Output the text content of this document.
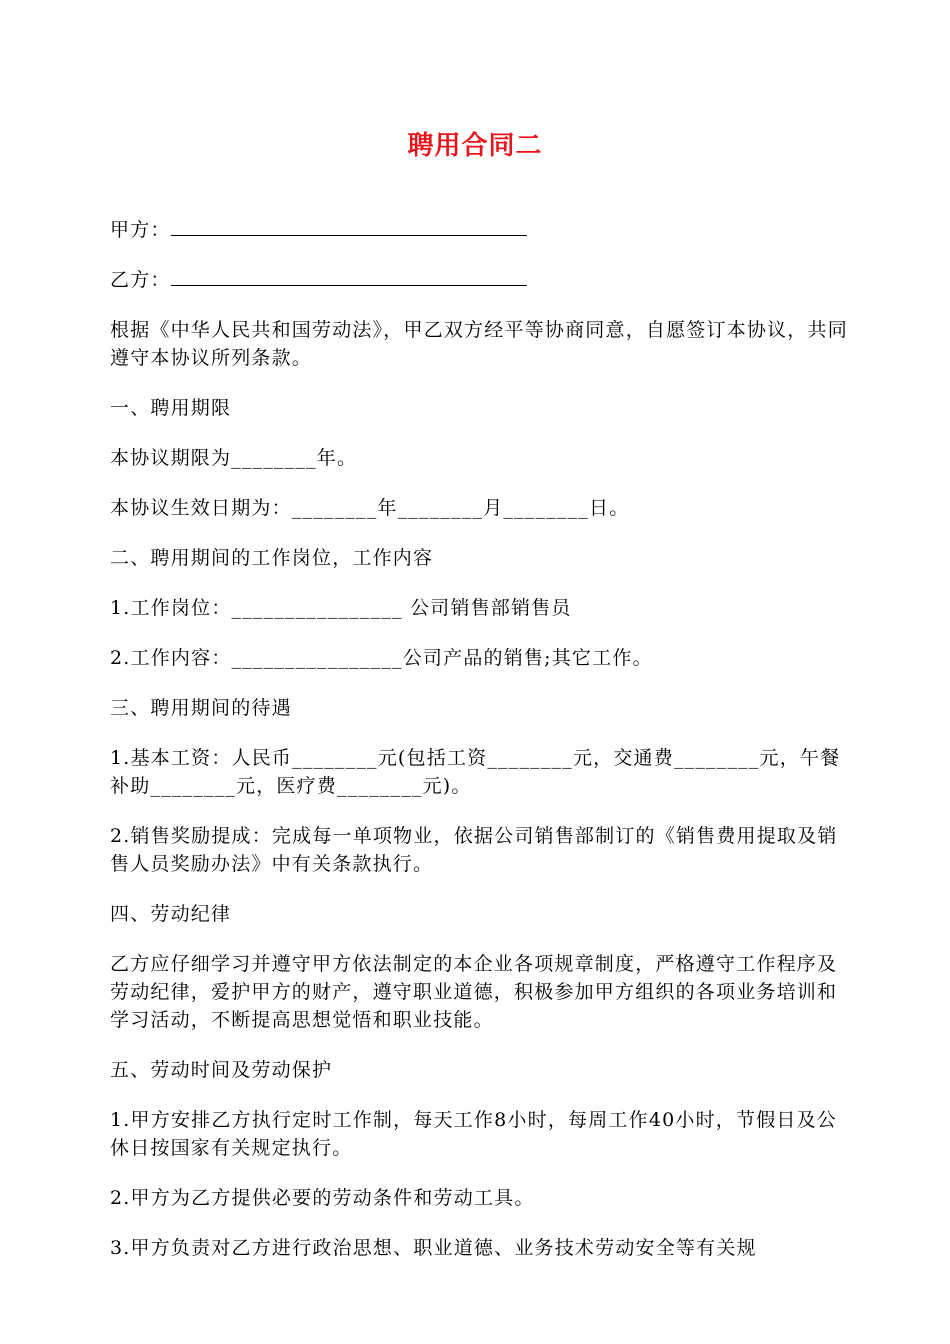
聘用合同二
甲方：
乙方：

根据《中华人民共和国劳动法》，甲乙双方经平等协商同意，自愿签订本协议，共同遵守本协议所列条款。

一、聘用期限

本协议期限为________年。

本协议生效日期为：________年________月________日。

二、聘用期间的工作岗位，工作内容

1.工作岗位：________________ 公司销售部销售员

2.工作内容：________________公司产品的销售;其它工作。

三、聘用期间的待遇

1.基本工资：人民币________元(包括工资________元，交通费________元，午餐补助________元，医疗费________元)。

2.销售奖励提成：完成每一单项物业，依据公司销售部制订的《销售费用提取及销售人员奖励办法》中有关条款执行。

四、劳动纪律

乙方应仔细学习并遵守甲方依法制定的本企业各项规章制度，严格遵守工作程序及劳动纪律，爱护甲方的财产，遵守职业道德，积极参加甲方组织的各项业务培训和学习活动，不断提高思想觉悟和职业技能。

五、劳动时间及劳动保护

1.甲方安排乙方执行定时工作制，每天工作8小时，每周工作40小时，节假日及公休日按国家有关规定执行。

2.甲方为乙方提供必要的劳动条件和劳动工具。

3.甲方负责对乙方进行政治思想、职业道德、业务技术劳动安全等有关规
